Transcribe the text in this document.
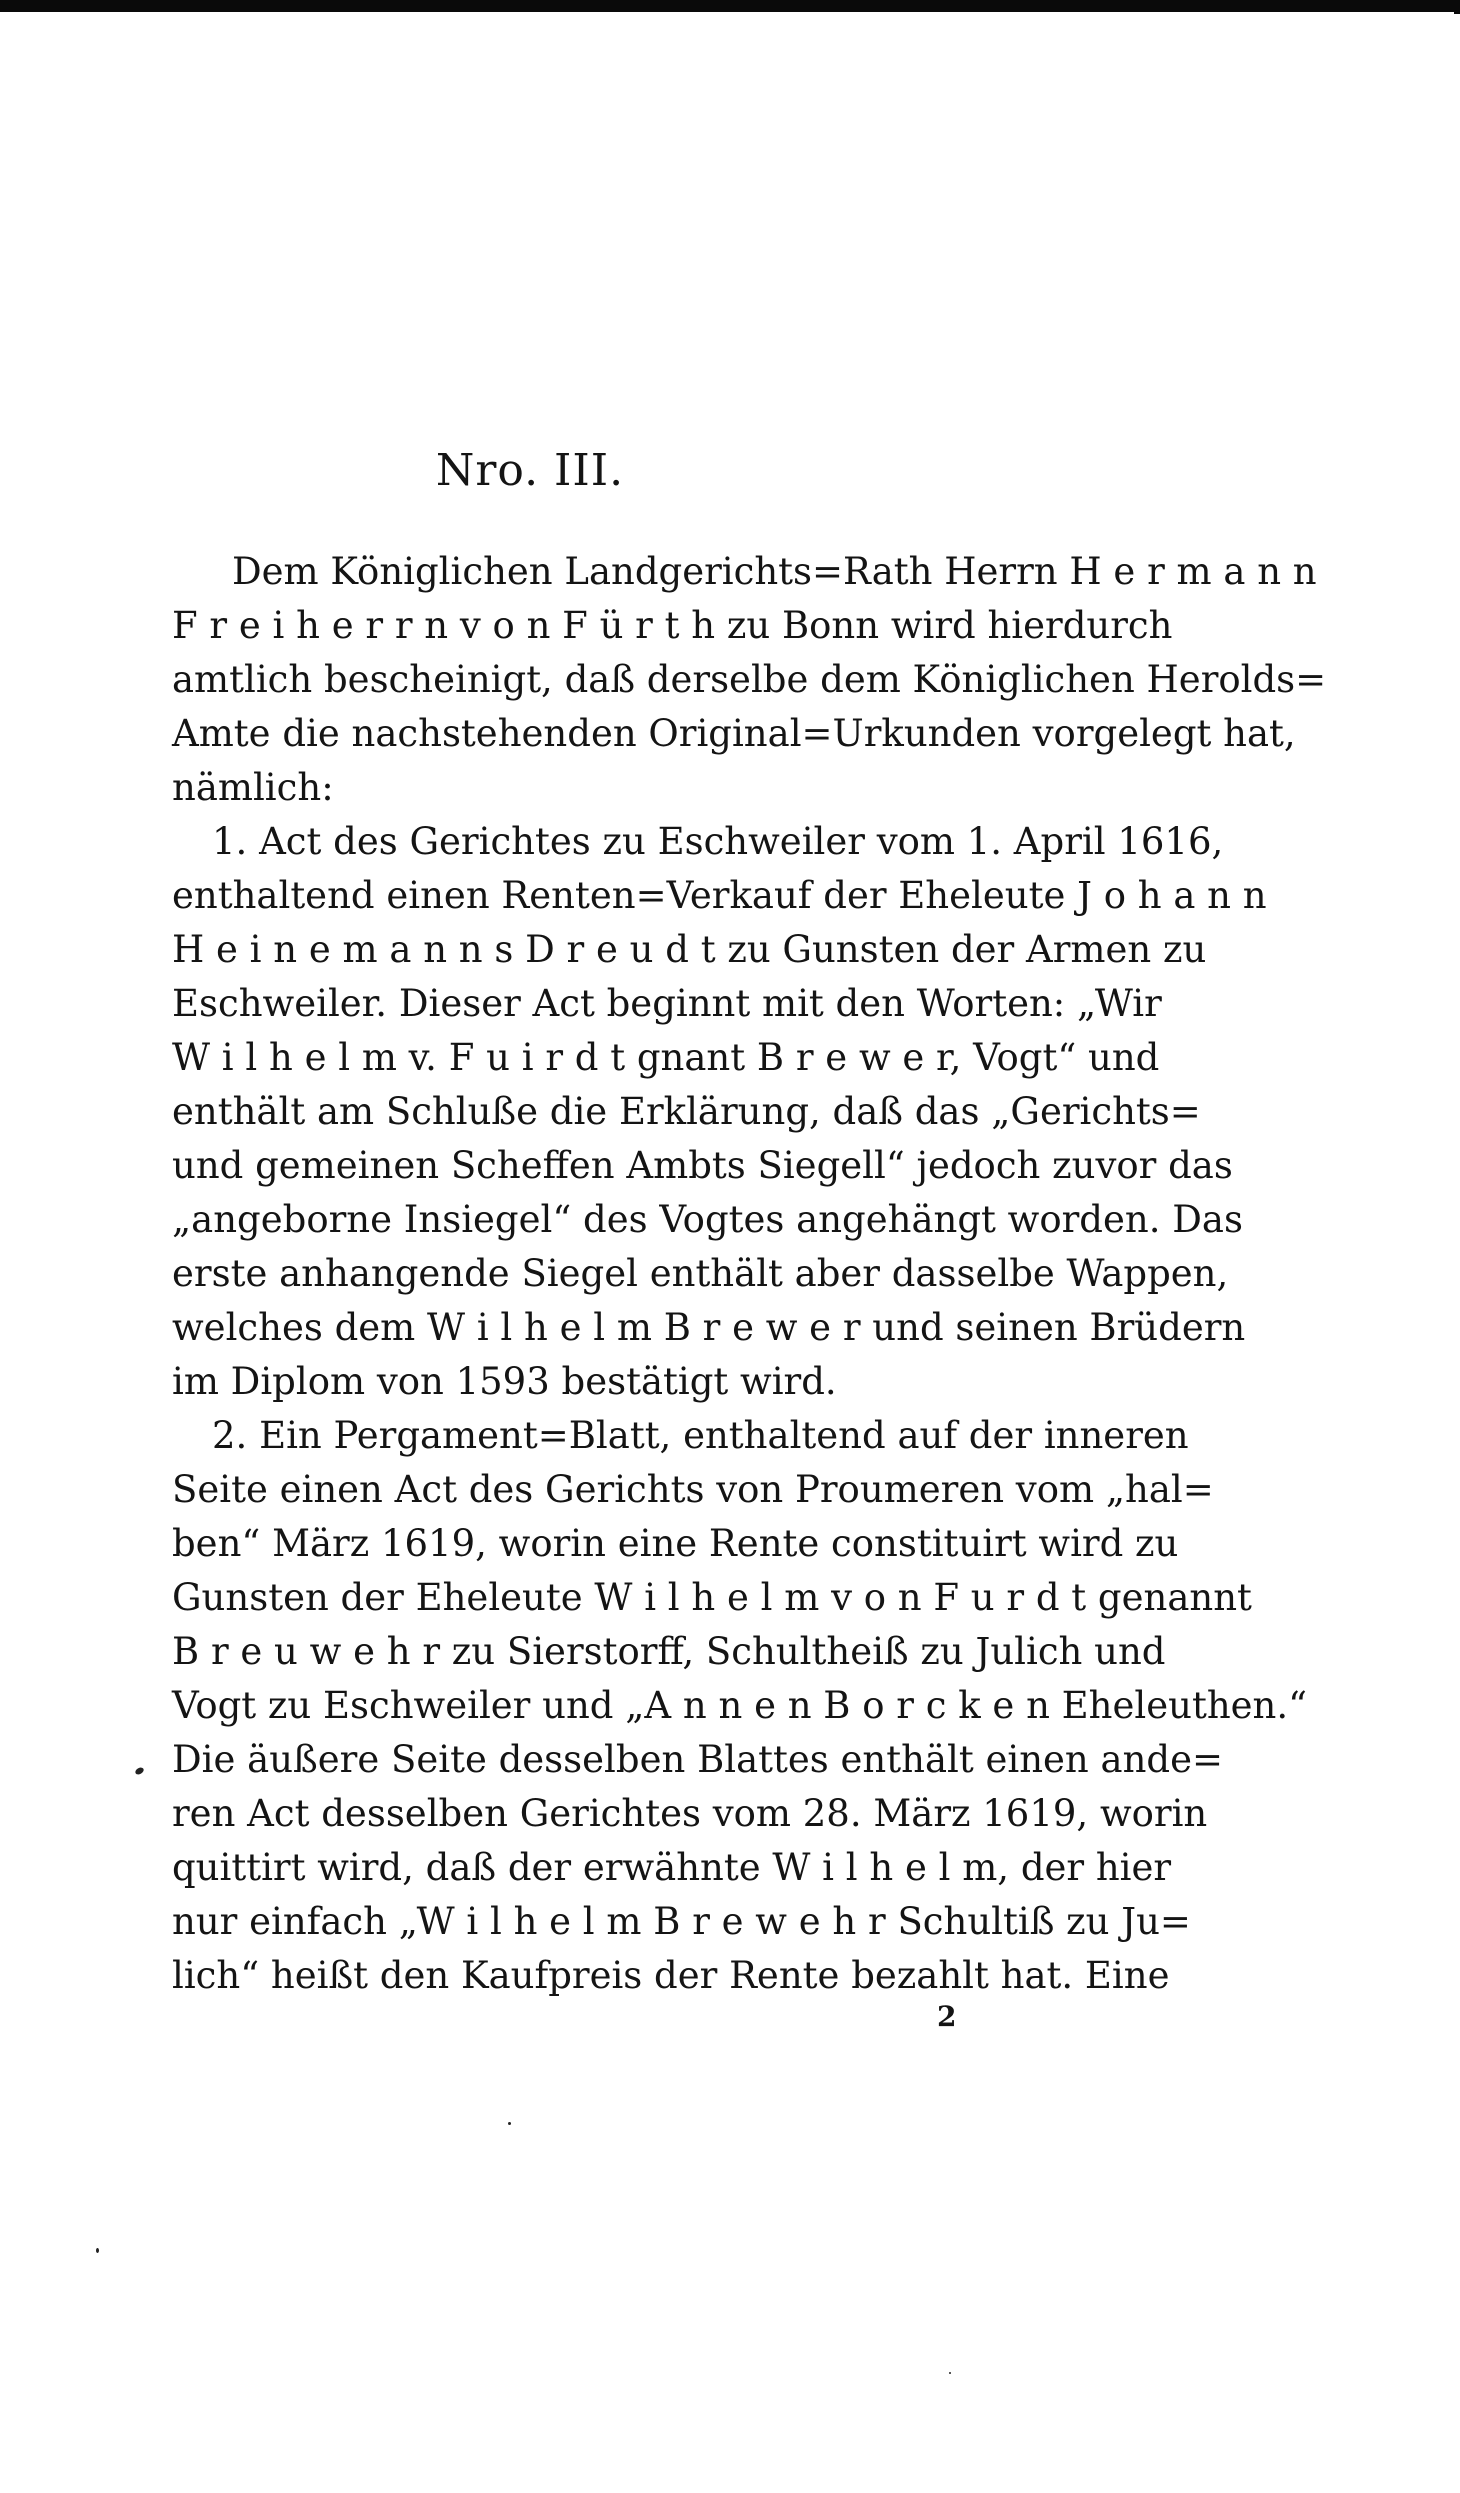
Nro. III.
Dem Königlichen Landgerichts=Rath Herrn H e r m a n n
F r e i h e r r n v o n F ü r t h zu Bonn wird hierdurch
amtlich bescheinigt, daß derselbe dem Königlichen Herolds=
Amte die nachstehenden Original=Urkunden vorgelegt hat,
nämlich:
1. Act des Gerichtes zu Eschweiler vom 1. April 1616,
enthaltend einen Renten=Verkauf der Eheleute J o h a n n
H e i n e m a n n s D r e u d t zu Gunsten der Armen zu
Eschweiler. Dieser Act beginnt mit den Worten: „Wir
W i l h e l m v. F u i r d t gnant B r e w e r, Vogt“ und
enthält am Schluße die Erklärung, daß das „Gerichts=
und gemeinen Scheffen Ambts Siegell“ jedoch zuvor das
„angeborne Insiegel“ des Vogtes angehängt worden. Das
erste anhangende Siegel enthält aber dasselbe Wappen,
welches dem W i l h e l m B r e w e r und seinen Brüdern
im Diplom von 1593 bestätigt wird.
2. Ein Pergament=Blatt, enthaltend auf der inneren
Seite einen Act des Gerichts von Proumeren vom „hal=
ben“ März 1619, worin eine Rente constituirt wird zu
Gunsten der Eheleute W i l h e l m v o n F u r d t genannt
B r e u w e h r zu Sierstorff, Schultheiß zu Julich und
Vogt zu Eschweiler und „A n n e n B o r c k e n Eheleuthen.“
Die äußere Seite desselben Blattes enthält einen ande=
ren Act desselben Gerichtes vom 28. März 1619, worin
quittirt wird, daß der erwähnte W i l h e l m, der hier
nur einfach „W i l h e l m B r e w e h r Schultiß zu Ju=
lich“ heißt den Kaufpreis der Rente bezahlt hat. Eine
2
